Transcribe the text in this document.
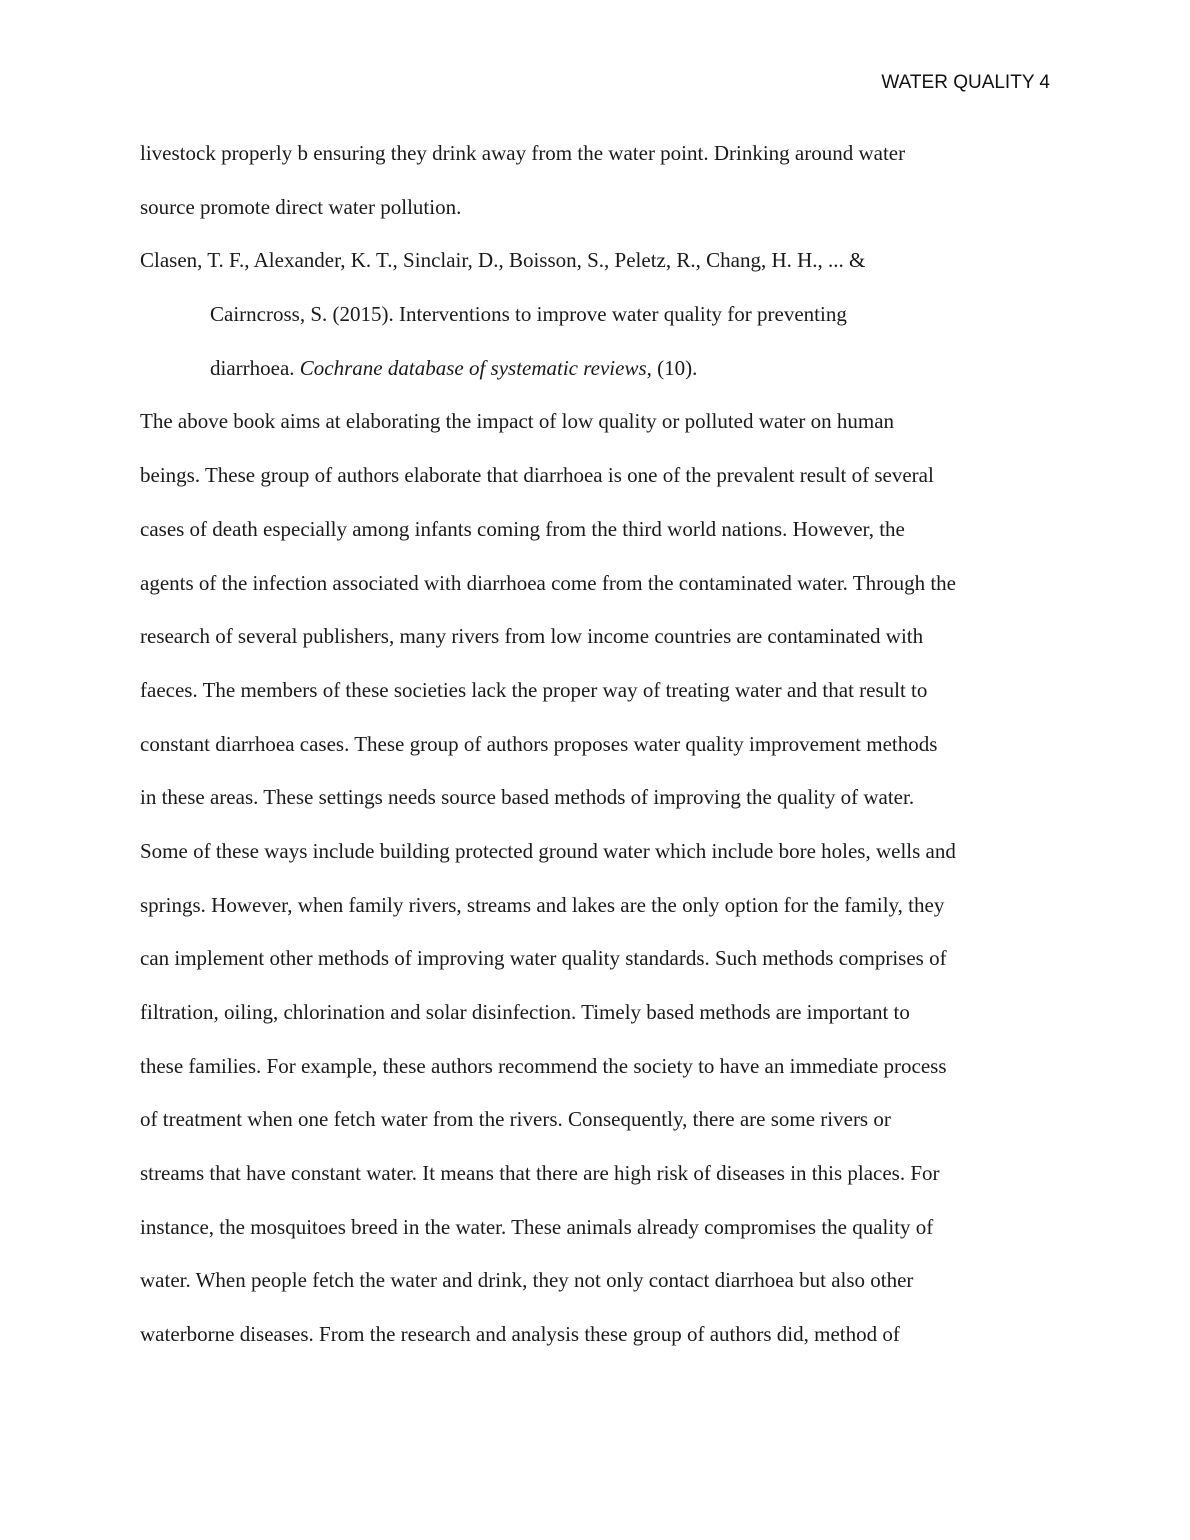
WATER QUALITY 4
livestock properly b ensuring they drink away from the water point. Drinking around water
source promote direct water pollution.
Clasen, T. F., Alexander, K. T., Sinclair, D., Boisson, S., Peletz, R., Chang, H. H., ... &
Cairncross, S. (2015). Interventions to improve water quality for preventing
diarrhoea. Cochrane database of systematic reviews, (10).
The above book aims at elaborating the impact of low quality or polluted water on human
beings. These group of authors elaborate that diarrhoea is one of the prevalent result of several
cases of death especially among infants coming from the third world nations. However, the
agents of the infection associated with diarrhoea come from the contaminated water. Through the
research of several publishers, many rivers from low income countries are contaminated with
faeces. The members of these societies lack the proper way of treating water and that result to
constant diarrhoea cases. These group of authors proposes water quality improvement methods
in these areas. These settings needs source based methods of improving the quality of water.
Some of these ways include building protected ground water which include bore holes, wells and
springs. However, when family rivers, streams and lakes are the only option for the family, they
can implement other methods of improving water quality standards. Such methods comprises of
filtration, oiling, chlorination and solar disinfection. Timely based methods are important to
these families. For example, these authors recommend the society to have an immediate process
of treatment when one fetch water from the rivers. Consequently, there are some rivers or
streams that have constant water. It means that there are high risk of diseases in this places. For
instance, the mosquitoes breed in the water. These animals already compromises the quality of
water. When people fetch the water and drink, they not only contact diarrhoea but also other
waterborne diseases. From the research and analysis these group of authors did, method of
